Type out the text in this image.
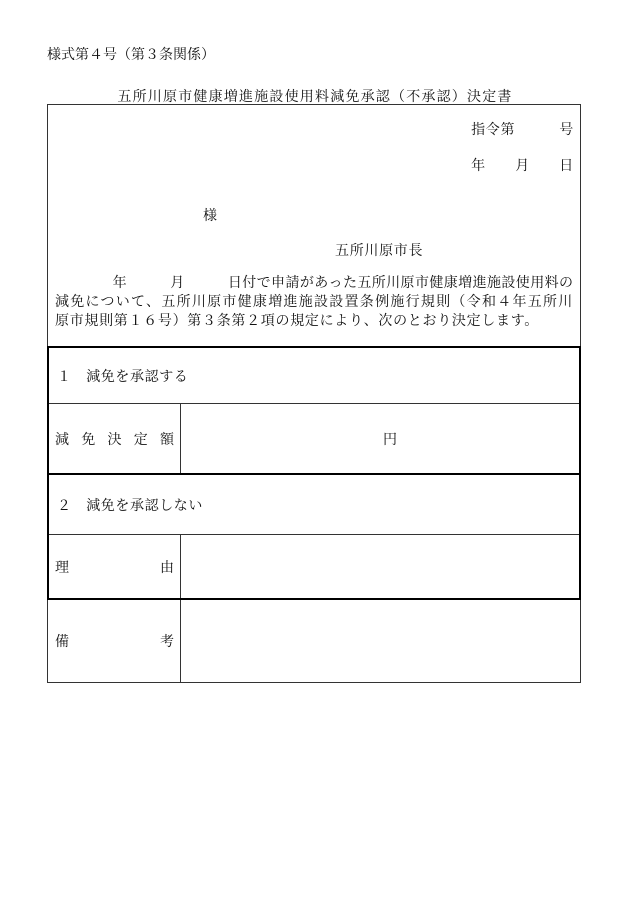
様式第４号（第３条関係）
五所川原市健康増進施設使用料減免承認（不承認）決定書
指令第　　　号
年　　月　　日
様
五所川原市長
　　　　年　　　月　　　日付で申請があった五所川原市健康増進施設使用料の
減免について、五所川原市健康増進施設設置条例施行規則（令和４年五所川
原市規則第１６号）第３条第２項の規定により、次のとおり決定します。
１　減免を承認する
減免決定額	円
２　減免を承認しない
理由
備考
